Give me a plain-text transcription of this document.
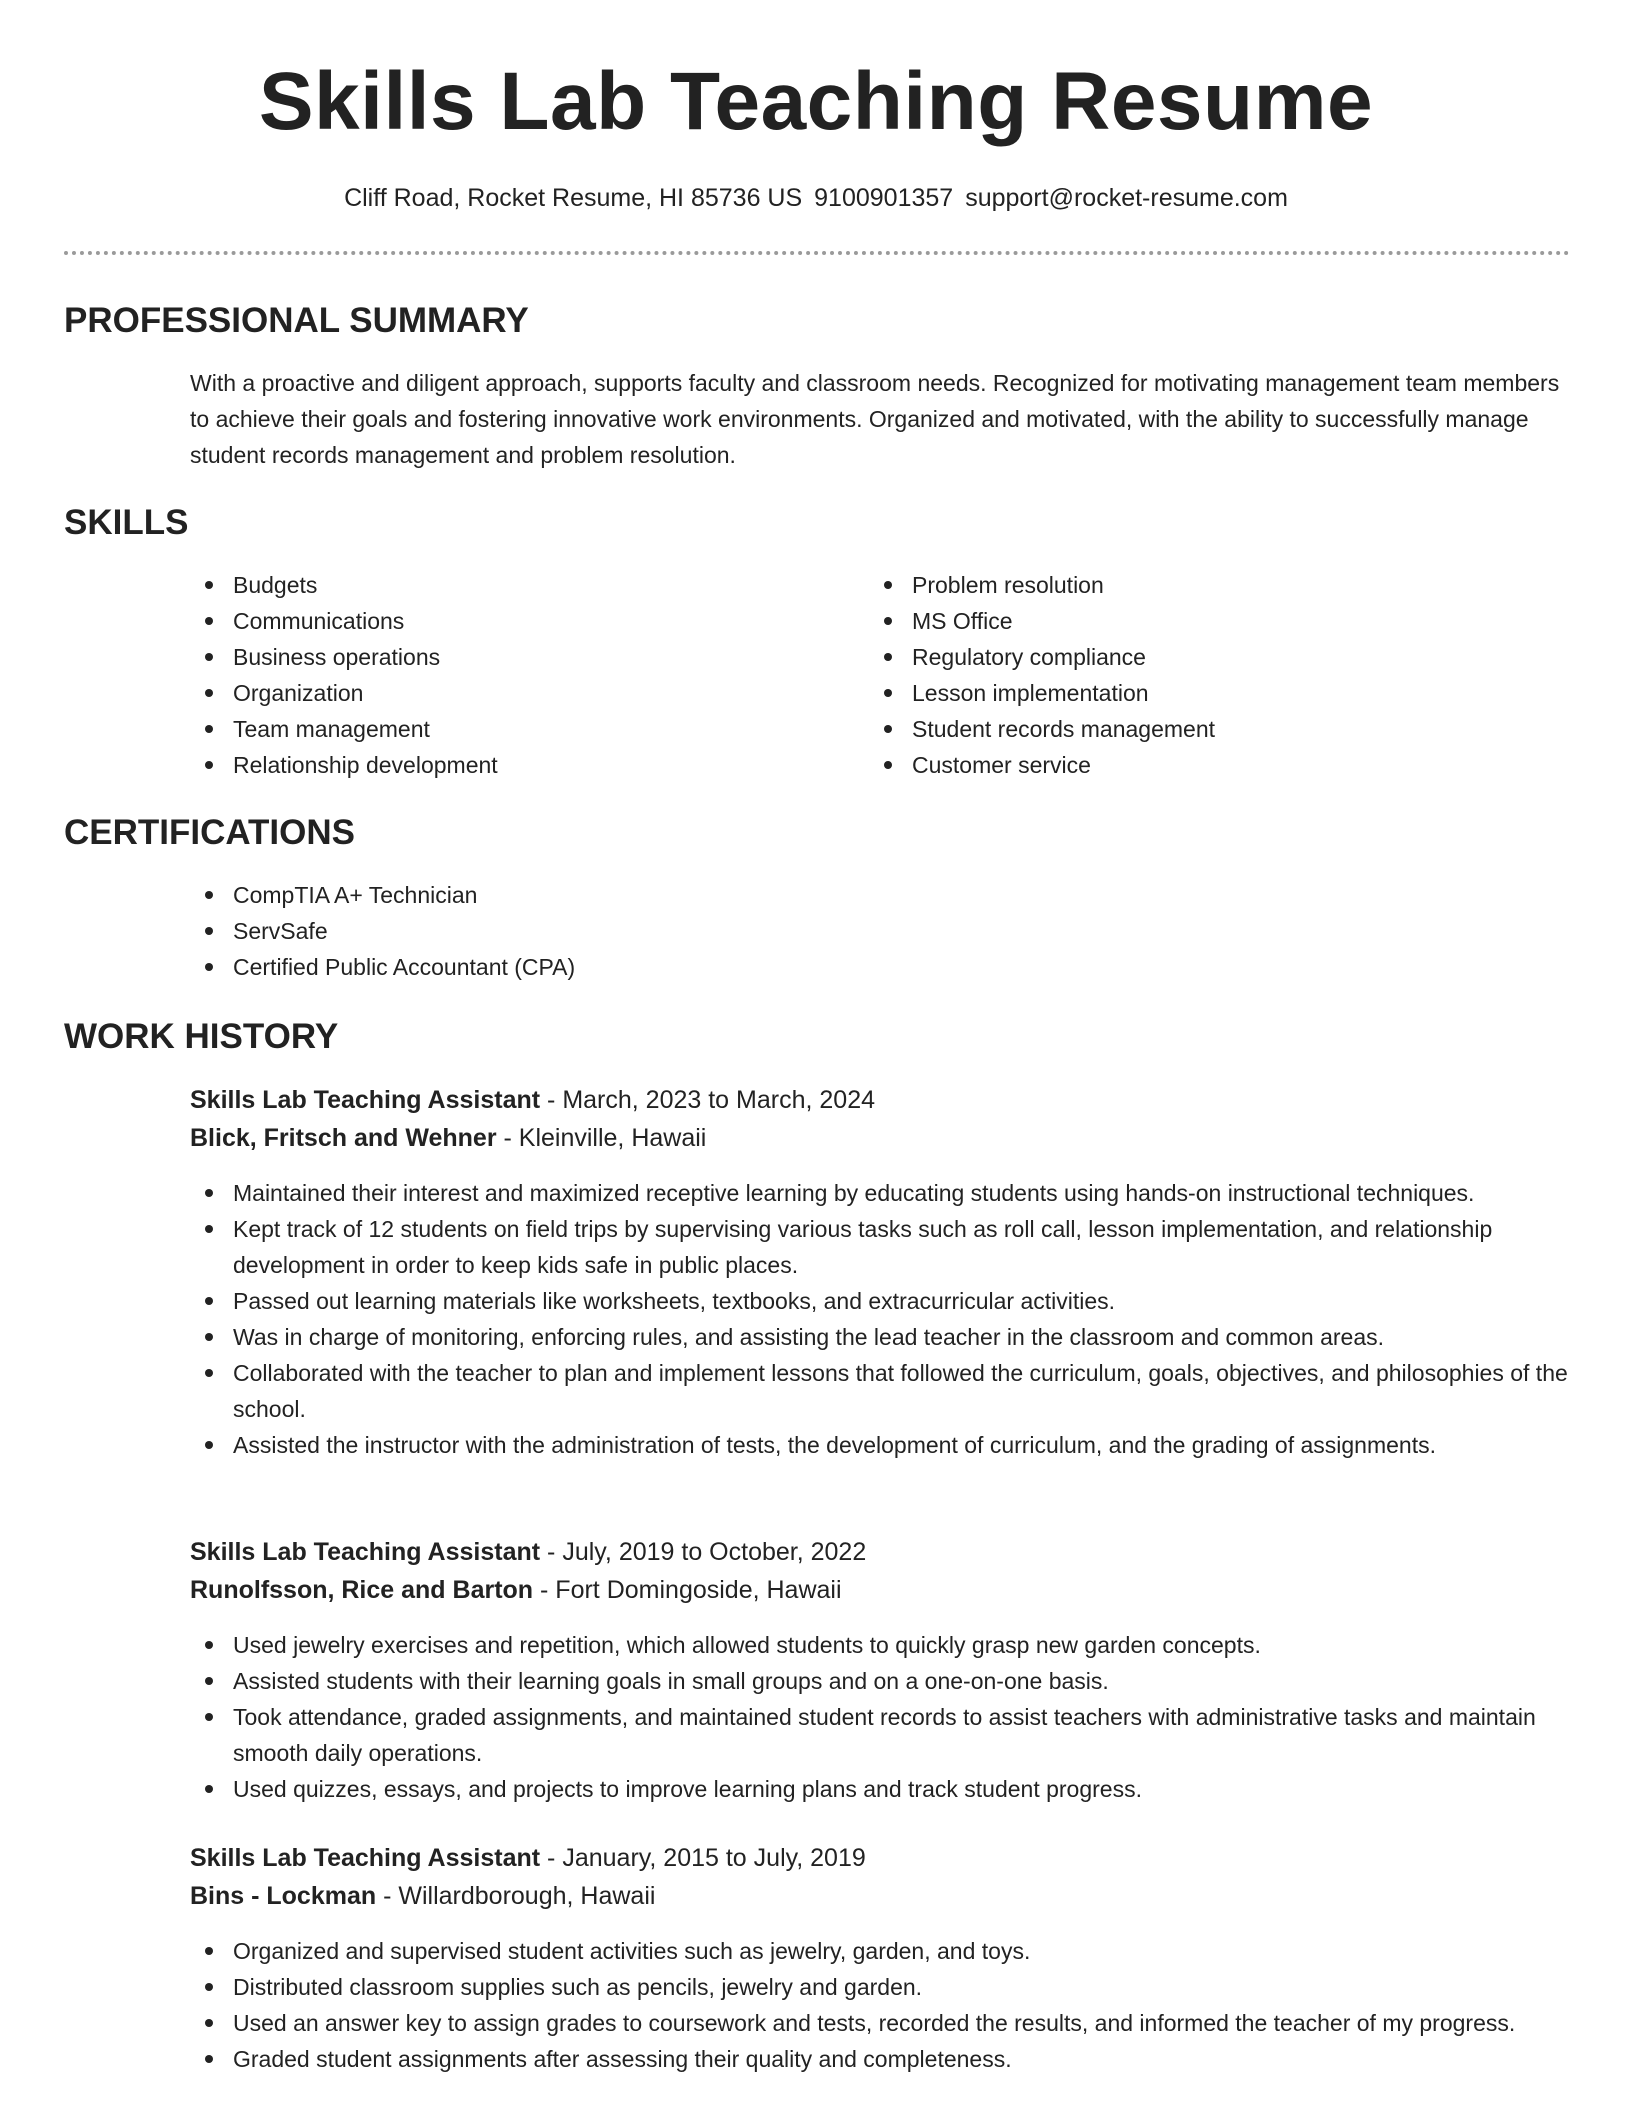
Skills Lab Teaching Resume
Cliff Road, Rocket Resume, HI 85736 US 9100901357 support@rocket-resume.com
PROFESSIONAL SUMMARY

With a proactive and diligent approach, supports faculty and classroom needs. Recognized for motivating management team members to achieve their goals and fostering innovative work environments. Organized and motivated, with the ability to successfully manage student records management and problem resolution.

SKILLS
Budgets
Communications
Business operations
Organization
Team management
Relationship development
Problem resolution
MS Office
Regulatory compliance
Lesson implementation
Student records management
Customer service
CERTIFICATIONS
CompTIA A+ Technician
ServSafe
Certified Public Accountant (CPA)
WORK HISTORY
Skills Lab Teaching Assistant - March, 2023 to March, 2024
Blick, Fritsch and Wehner - Kleinville, Hawaii
Maintained their interest and maximized receptive learning by educating students using hands-on instructional techniques.
Kept track of 12 students on field trips by supervising various tasks such as roll call, lesson implementation, and relationship development in order to keep kids safe in public places.
Passed out learning materials like worksheets, textbooks, and extracurricular activities.
Was in charge of monitoring, enforcing rules, and assisting the lead teacher in the classroom and common areas.
Collaborated with the teacher to plan and implement lessons that followed the curriculum, goals, objectives, and philosophies of the school.
Assisted the instructor with the administration of tests, the development of curriculum, and the grading of assignments.
Skills Lab Teaching Assistant - July, 2019 to October, 2022
Runolfsson, Rice and Barton - Fort Domingoside, Hawaii
Used jewelry exercises and repetition, which allowed students to quickly grasp new garden concepts.
Assisted students with their learning goals in small groups and on a one-on-one basis.
Took attendance, graded assignments, and maintained student records to assist teachers with administrative tasks and maintain smooth daily operations.
Used quizzes, essays, and projects to improve learning plans and track student progress.
Skills Lab Teaching Assistant - January, 2015 to July, 2019
Bins - Lockman - Willardborough, Hawaii
Organized and supervised student activities such as jewelry, garden, and toys.
Distributed classroom supplies such as pencils, jewelry and garden.
Used an answer key to assign grades to coursework and tests, recorded the results, and informed the teacher of my progress.
Graded student assignments after assessing their quality and completeness.
